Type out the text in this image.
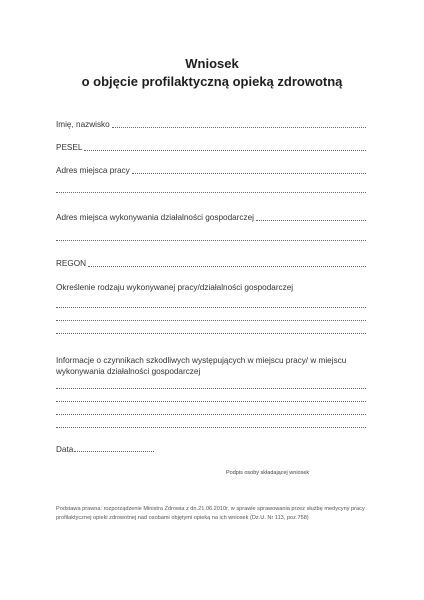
Wniosek
o objęcie profilaktyczną opieką zdrowotną
Imię, nazwisko
PESEL
Adres miejsca pracy
Adres miejsca wykonywania działalności gospodarczej
REGON
Określenie rodzaju wykonywanej pracy/działalności gospodarczej
Informacje o czynnikach szkodliwych występujących w miejscu pracy/ w miejscu wykonywania działalności gospodarczej
Data
Podpis osoby składającej wniosek
Podstawa prawna: rozporządzenie Ministra Zdrowia z dn.21.06.2010r. w sprawie sprawowania przez służbę medycyny pracy profilaktycznej opieki zdrowotnej nad osobami objętymi opieką na ich wniosek (Dz.U. Nr 113, poz.758)
